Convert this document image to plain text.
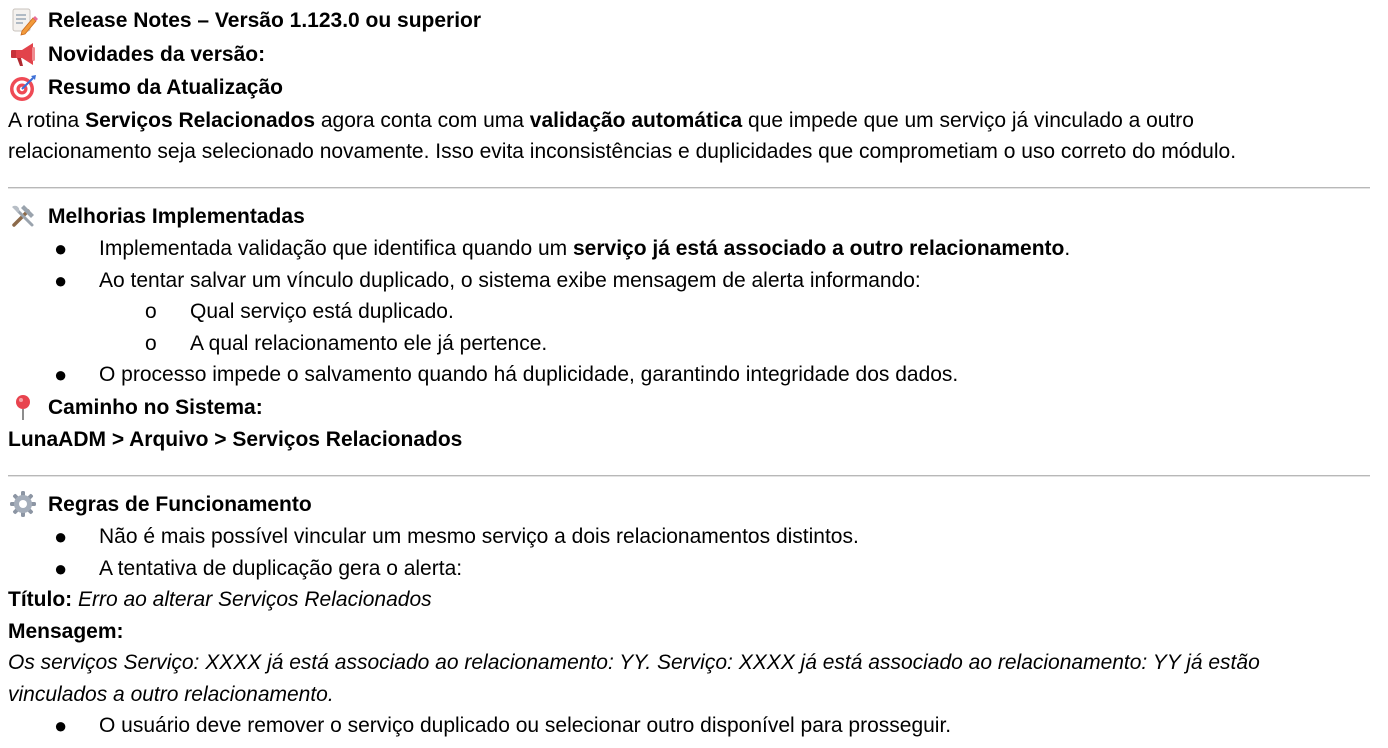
Release Notes – Versão 1.123.0 ou superior
Novidades da versão:
Resumo da Atualização

A rotina Serviços Relacionados agora conta com uma validação automática que impede que um serviço já vinculado a outro

relacionamento seja selecionado novamente. Isso evita inconsistências e duplicidades que comprometiam o uso correto do módulo.

Melhorias Implementadas
● Implementada validação que identifica quando um serviço já está associado a outro relacionamento.
● Ao tentar salvar um vínculo duplicado, o sistema exibe mensagem de alerta informando:
o Qual serviço está duplicado.
o A qual relacionamento ele já pertence.
● O processo impede o salvamento quando há duplicidade, garantindo integridade dos dados.
Caminho no Sistema:

LunaADM > Arquivo > Serviços Relacionados

Regras de Funcionamento
● Não é mais possível vincular um mesmo serviço a dois relacionamentos distintos.
● A tentativa de duplicação gera o alerta:

Título: Erro ao alterar Serviços Relacionados

Mensagem:

Os serviços Serviço: XXXX já está associado ao relacionamento: YY. Serviço: XXXX já está associado ao relacionamento: YY já estão

vinculados a outro relacionamento.

● O usuário deve remover o serviço duplicado ou selecionar outro disponível para prosseguir.
